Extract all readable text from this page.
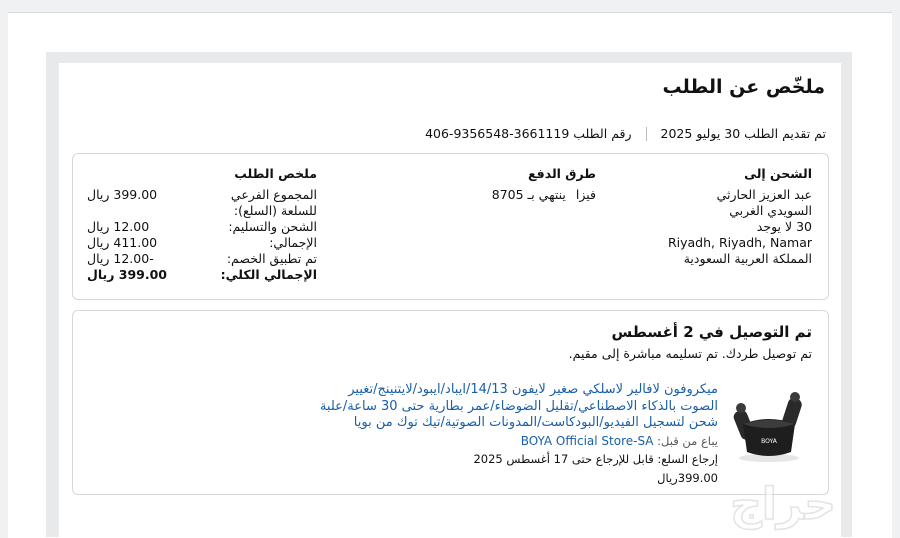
ملخّص عن الطلب
تم تقديم الطلب 30 يوليو 2025
رقم الطلب 3661119-9356548-406
الشحن إلى
عبد العزيز الحارثي
السويدي الغربي
30 لا يوجد
Riyadh, Riyadh, Namar
المملكة العربية السعودية
طرق الدفع
فيزاينتهي بـ 8705
ملخص الطلب
399.00 ريال	المجموع الفرعي للسلعة (السلع):
12.00 ريال	الشحن والتسليم:
411.00 ريال	الإجمالي:
-12.00 ريال	تم تطبيق الخصم:
399.00 ريال	الإجمالي الكلي:
تم التوصيل في 2 أغسطس
تم توصيل طردك. تم تسليمه مباشرة إلى مقيم.
BOYA
ميكروفون لافالير لاسلكي صغير لايفون 14/13/ايباد/ايبود/لايتنينج/تغيير الصوت بالذكاء الاصطناعي/تقليل الضوضاء/عمر بطارية حتى 30 ساعة/علبة شحن لتسجيل الفيديو/البودكاست/المدونات الصوتية/تيك توك من بويا
يباع من قبل: BOYA Official Store-SA
إرجاع السلع: قابل للإرجاع حتى 17 أغسطس 2025
399.00ريال
حراج
